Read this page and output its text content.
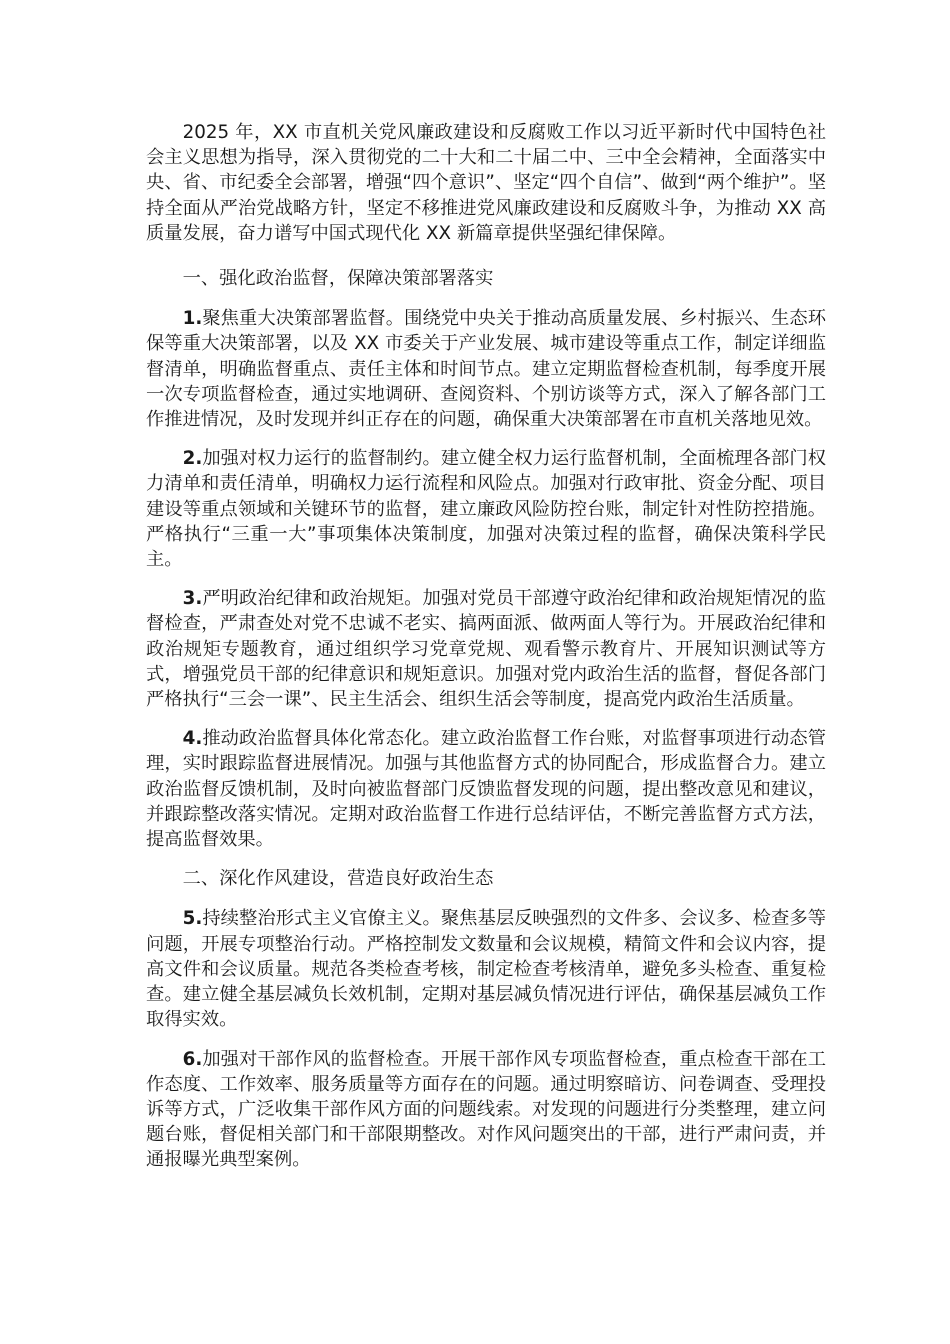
2025 年，XX 市直机关党风廉政建设和反腐败工作以习近平新时代中国特色社会主义思想为指导，深入贯彻党的二十大和二十届二中、三中全会精神，全面落实中央、省、市纪委全会部署，增强“四个意识”、坚定“四个自信”、做到“两个维护”。坚持全面从严治党战略方针，坚定不移推进党风廉政建设和反腐败斗争，为推动 XX 高质量发展，奋力谱写中国式现代化 XX 新篇章提供坚强纪律保障。

一、强化政治监督，保障决策部署落实

1.聚焦重大决策部署监督。围绕党中央关于推动高质量发展、乡村振兴、生态环保等重大决策部署，以及 XX 市委关于产业发展、城市建设等重点工作，制定详细监督清单，明确监督重点、责任主体和时间节点。建立定期监督检查机制，每季度开展一次专项监督检查，通过实地调研、查阅资料、个别访谈等方式，深入了解各部门工作推进情况，及时发现并纠正存在的问题，确保重大决策部署在市直机关落地见效。

2.加强对权力运行的监督制约。建立健全权力运行监督机制，全面梳理各部门权力清单和责任清单，明确权力运行流程和风险点。加强对行政审批、资金分配、项目建设等重点领域和关键环节的监督，建立廉政风险防控台账，制定针对性防控措施。严格执行“三重一大”事项集体决策制度，加强对决策过程的监督，确保决策科学民主。

3.严明政治纪律和政治规矩。加强对党员干部遵守政治纪律和政治规矩情况的监督检查，严肃查处对党不忠诚不老实、搞两面派、做两面人等行为。开展政治纪律和政治规矩专题教育，通过组织学习党章党规、观看警示教育片、开展知识测试等方式，增强党员干部的纪律意识和规矩意识。加强对党内政治生活的监督，督促各部门严格执行“三会一课”、民主生活会、组织生活会等制度，提高党内政治生活质量。

4.推动政治监督具体化常态化。建立政治监督工作台账，对监督事项进行动态管理，实时跟踪监督进展情况。加强与其他监督方式的协同配合，形成监督合力。建立政治监督反馈机制，及时向被监督部门反馈监督发现的问题，提出整改意见和建议，并跟踪整改落实情况。定期对政治监督工作进行总结评估，不断完善监督方式方法，提高监督效果。

二、深化作风建设，营造良好政治生态

5.持续整治形式主义官僚主义。聚焦基层反映强烈的文件多、会议多、检查多等问题，开展专项整治行动。严格控制发文数量和会议规模，精简文件和会议内容，提高文件和会议质量。规范各类检查考核，制定检查考核清单，避免多头检查、重复检查。建立健全基层减负长效机制，定期对基层减负情况进行评估，确保基层减负工作取得实效。

6.加强对干部作风的监督检查。开展干部作风专项监督检查，重点检查干部在工作态度、工作效率、服务质量等方面存在的问题。通过明察暗访、问卷调查、受理投诉等方式，广泛收集干部作风方面的问题线索。对发现的问题进行分类整理，建立问题台账，督促相关部门和干部限期整改。对作风问题突出的干部，进行严肃问责，并通报曝光典型案例。
